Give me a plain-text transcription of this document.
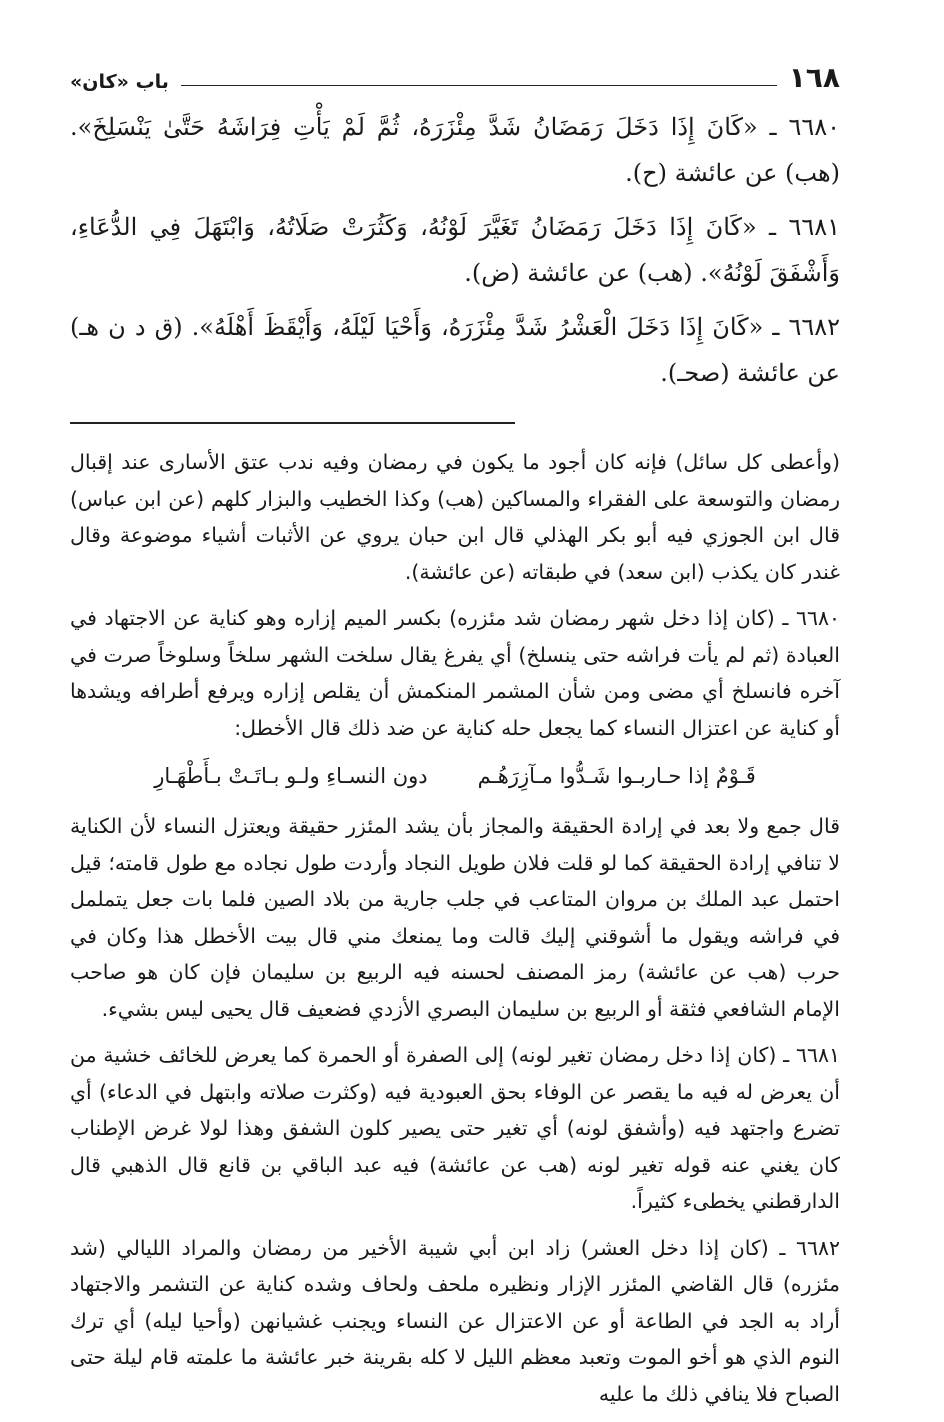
١٦٨
باب «كان»

٦٦٨٠ ـ «كَانَ إِذَا دَخَلَ رَمَضَانُ شَدَّ مِئْزَرَهُ، ثُمَّ لَمْ يَأْتِ فِرَاشَهُ حَتَّىٰ يَنْسَلِخَ». (هب) عن عائشة (ح).

٦٦٨١ ـ «كَانَ إِذَا دَخَلَ رَمَضَانُ تَغَيَّرَ لَوْنُهُ، وَكَثُرَتْ صَلَاتُهُ، وَابْتَهَلَ فِي الدُّعَاءِ، وَأَشْفَقَ لَوْنُهُ». (هب) عن عائشة (ض).

٦٦٨٢ ـ «كَانَ إِذَا دَخَلَ الْعَشْرُ شَدَّ مِئْزَرَهُ، وَأَحْيَا لَيْلَهُ، وَأَيْقَظَ أَهْلَهُ». (ق د ن هـ) عن عائشة (صحـ).

(وأعطى كل سائل) فإنه كان أجود ما يكون في رمضان وفيه ندب عتق الأسارى عند إقبال رمضان والتوسعة على الفقراء والمساكين (هب) وكذا الخطيب والبزار كلهم (عن ابن عباس) قال ابن الجوزي فيه أبو بكر الهذلي قال ابن حبان يروي عن الأثبات أشياء موضوعة وقال غندر كان يكذب (ابن سعد) في طبقاته (عن عائشة).

٦٦٨٠ ـ (كان إذا دخل شهر رمضان شد مئزره) بكسر الميم إزاره وهو كناية عن الاجتهاد في العبادة (ثم لم يأت فراشه حتى ينسلخ) أي يفرغ يقال سلخت الشهر سلخاً وسلوخاً صرت في آخره فانسلخ أي مضى ومن شأن المشمر المنكمش أن يقلص إزاره ويرفع أطرافه ويشدها أو كناية عن اعتزال النساء كما يجعل حله كناية عن ضد ذلك قال الأخطل:

قَـوْمٌ إذا حـاربـوا شَـدُّوا مـآزِرَهُـم
دون النسـاءِ ولـو بـاتَـتْ بـأَطْهَـارِ

قال جمع ولا بعد في إرادة الحقيقة والمجاز بأن يشد المئزر حقيقة ويعتزل النساء لأن الكناية لا تنافي إرادة الحقيقة كما لو قلت فلان طويل النجاد وأردت طول نجاده مع طول قامته؛ قيل احتمل عبد الملك بن مروان المتاعب في جلب جارية من بلاد الصين فلما بات جعل يتململ في فراشه ويقول ما أشوقني إليك قالت وما يمنعك مني قال بيت الأخطل هذا وكان في حرب (هب عن عائشة) رمز المصنف لحسنه فيه الربيع بن سليمان فإن كان هو صاحب الإمام الشافعي فثقة أو الربيع بن سليمان البصري الأزدي فضعيف قال يحيى ليس بشيء.

٦٦٨١ ـ (كان إذا دخل رمضان تغير لونه) إلى الصفرة أو الحمرة كما يعرض للخائف خشية من أن يعرض له فيه ما يقصر عن الوفاء بحق العبودية فيه (وكثرت صلاته وابتهل في الدعاء) أي تضرع واجتهد فيه (وأشفق لونه) أي تغير حتى يصير كلون الشفق وهذا لولا غرض الإطناب كان يغني عنه قوله تغير لونه (هب عن عائشة) فيه عبد الباقي بن قانع قال الذهبي قال الدارقطني يخطىء كثيراً.

٦٦٨٢ ـ (كان إذا دخل العشر) زاد ابن أبي شيبة الأخير من رمضان والمراد الليالي (شد مئزره) قال القاضي المئزر الإزار ونظيره ملحف ولحاف وشده كناية عن التشمر والاجتهاد أراد به الجد في الطاعة أو عن الاعتزال عن النساء ويجنب غشيانهن (وأحيا ليله) أي ترك النوم الذي هو أخو الموت وتعبد معظم الليل لا كله بقرينة خبر عائشة ما علمته قام ليلة حتى الصباح فلا ينافي ذلك ما عليه
